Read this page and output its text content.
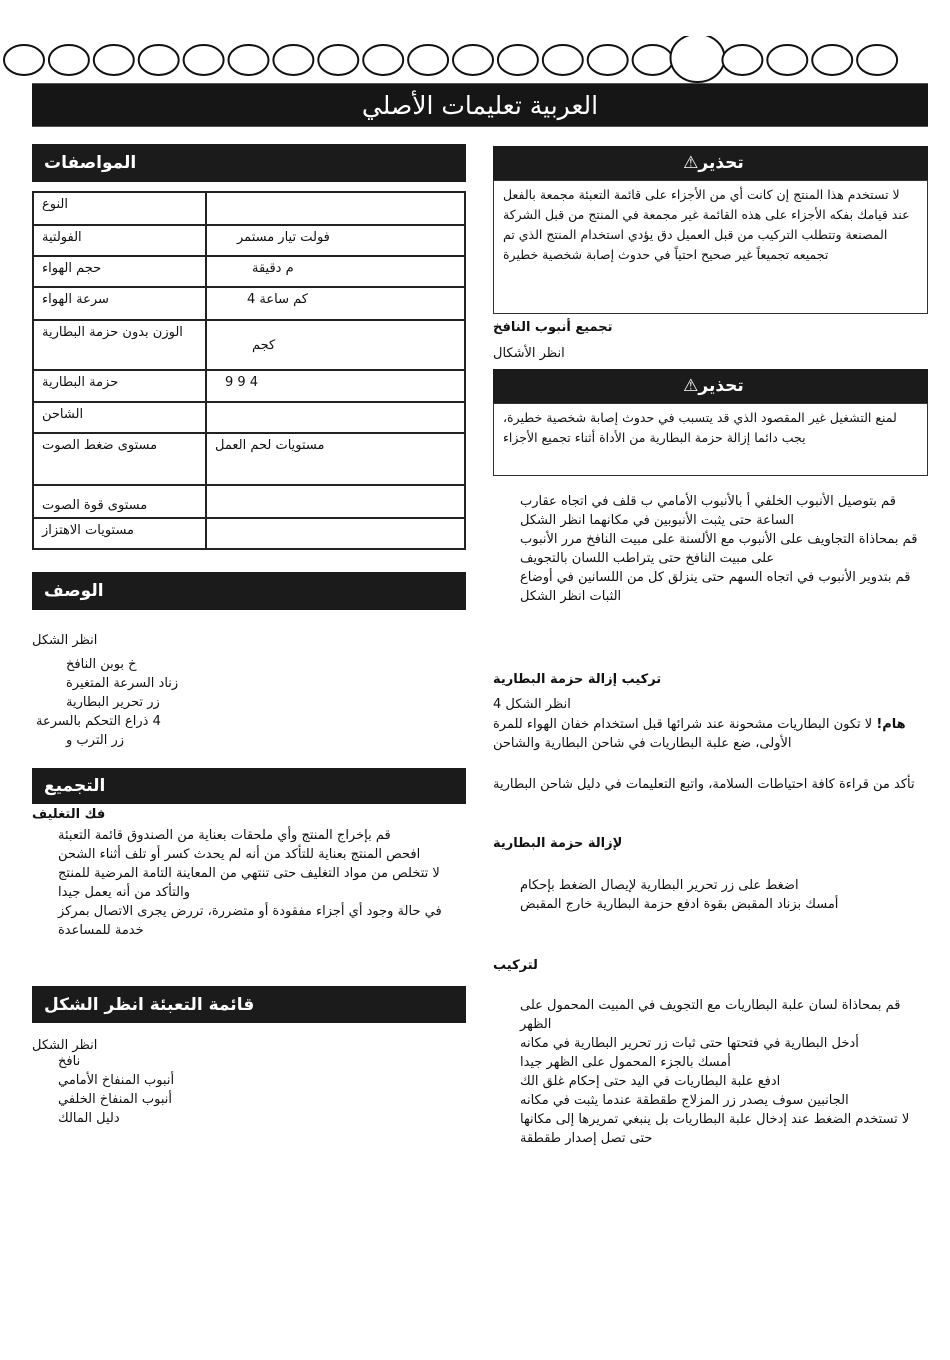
العربية تعليمات الأصلي
المواصفات
النوع	
الفولتية	فولت تيار مستمر
حجم الهواء	م دقيقة
سرعة الهواء	4 كم ساعة
الوزن بدون حزمة البطارية	كجم
حزمة البطارية	9 9 4
الشاحن	
مستوى ضغط الصوت	مستويات لحم العمل
مستوى قوة الصوت	
مستويات الاهتزاز	
الوصف

انظر الشكل

خ بوبن النافخ
زناد السرعة المتغيرة
زر تحرير البطارية
4 ذراع التحكم بالسرعة
زر الترب و
التجميع

فك التغليف

قم بإخراج المنتج وأي ملحقات بعناية من الصندوق قائمة التعبئة
افحص المنتج بعناية للتأكد من أنه لم يحدث كسر أو تلف أثناء الشحن
لا تتخلص من مواد التغليف حتى تنتهي من المعاينة التامة المرضية للمنتج والتأكد من أنه يعمل جيدا
في حالة وجود أي أجزاء مفقودة أو متضررة، تررض يجرى الاتصال بمركز خدمة للمساعدة
قائمة التعبئة انظر الشكل

انظر الشكل

نافخ
أنبوب المنفاخ الأمامي
أنبوب المنفاخ الخلفي
دليل المالك
⚠ تحذير
لا تستخدم هذا المنتج إن كانت أي من الأجزاء على قائمة التعبئة مجمعة بالفعل عند قيامك بفكه الأجزاء على هذه القائمة غير مجمعة في المنتج من قبل الشركة المصنعة وتتطلب التركيب من قبل العميل دق يؤدي استخدام المنتج الذي تم تجميعه تجميعاً غير صحيح احتياً في حدوث إصابة شخصية خطيرة

تجميع أنبوب النافخ

انظر الأشكال

⚠ تحذير
لمنع التشغيل غير المقصود الذي قد يتسبب في حدوث إصابة شخصية خطيرة، يجب دائما إزالة حزمة البطارية من الأداة أثناء تجميع الأجزاء
قم بتوصيل الأنبوب الخلفي أ بالأنبوب الأمامي ب قلف في اتجاه عقارب الساعة حتى يثبت الأنبوبين في مكانهما انظر الشكل
قم بمحاذاة التجاويف على الأنبوب مع الألسنة على مبيت النافخ مرر الأنبوب على مبيت النافخ حتى يتراطب اللسان بالتجويف
قم بتدوير الأنبوب في اتجاه السهم حتى ينزلق كل من اللسانين في أوضاع الثبات انظر الشكل

تركيب إزالة حزمة البطارية

انظر الشكل 4

هام! لا تكون البطاريات مشحونة عند شرائها قبل استخدام خفان الهواء للمرة الأولى، ضع علبة البطاريات في شاحن البطارية والشاحن

تأكد من قراءة كافة احتياطات السلامة، واتبع التعليمات في دليل شاحن البطارية

لإزالة حزمة البطارية

اضغط على زر تحرير البطارية لإيصال الضغط بإحكام
أمسك بزناد المقبض بقوة ادفع حزمة البطارية خارج المقبض

لتركيب

قم بمحاذاة لسان علبة البطاريات مع التجويف في المبيت المحمول على الظهر
أدخل البطارية في فتحتها حتى ثبات زر تحرير البطارية في مكانه
أمسك بالجزء المحمول على الظهر جيدا
ادفع علبة البطاريات في اليد حتى إحكام غلق الك
الجانبين سوف يصدر زر المزلاج طقطقة عندما يثبت في مكانه
لا تستخدم الضغط عند إدخال علبة البطاريات بل ينبغي تمريرها إلى مكانها حتى تصل إصدار طقطقة
